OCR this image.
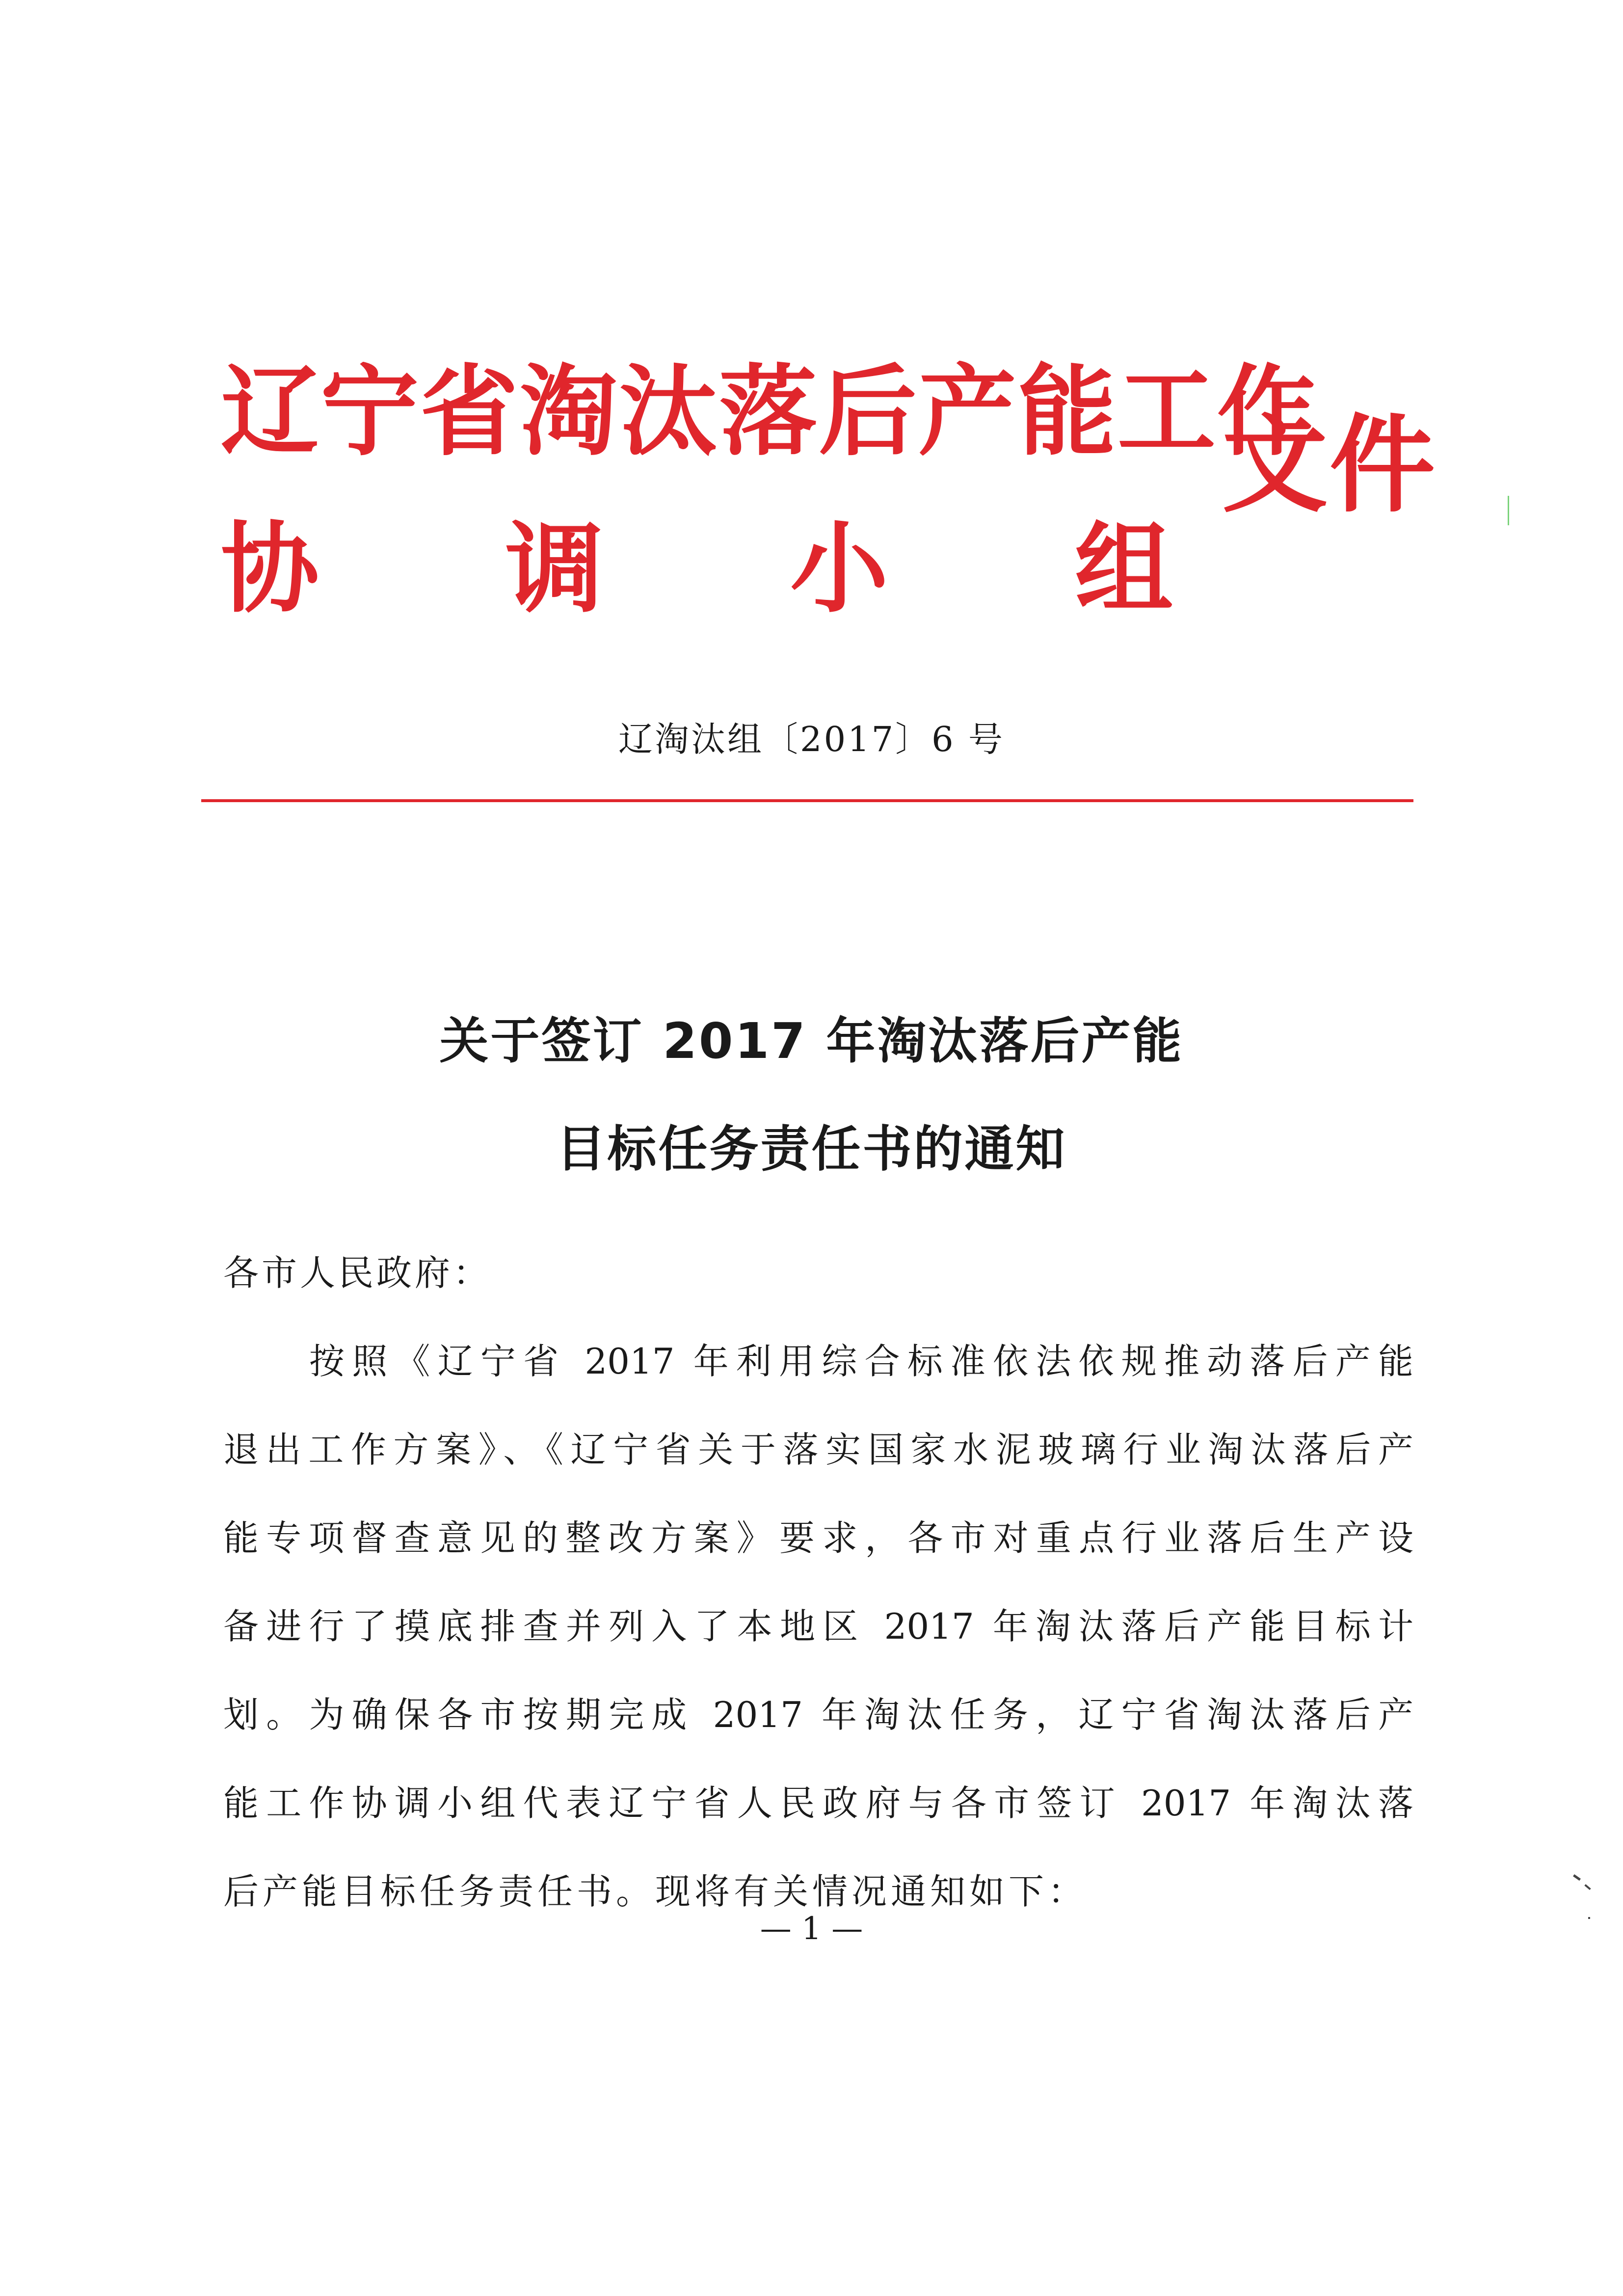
辽宁省淘汰落后产能工作
协 调 小 组
文件
辽淘汰组〔2017〕6 号
关于签订 2017 年淘汰落后产能
目标任务责任书的通知
各市人民政府：
按照《辽宁省 2017 年利用综合标准依法依规推动落后产能
退出工作方案》、《辽宁省关于落实国家水泥玻璃行业淘汰落后产
能专项督查意见的整改方案》要求，各市对重点行业落后生产设
备进行了摸底排查并列入了本地区 2017 年淘汰落后产能目标计
划。为确保各市按期完成 2017 年淘汰任务，辽宁省淘汰落后产
能工作协调小组代表辽宁省人民政府与各市签订 2017 年淘汰落
后产能目标任务责任书。现将有关情况通知如下：
— 1 —
